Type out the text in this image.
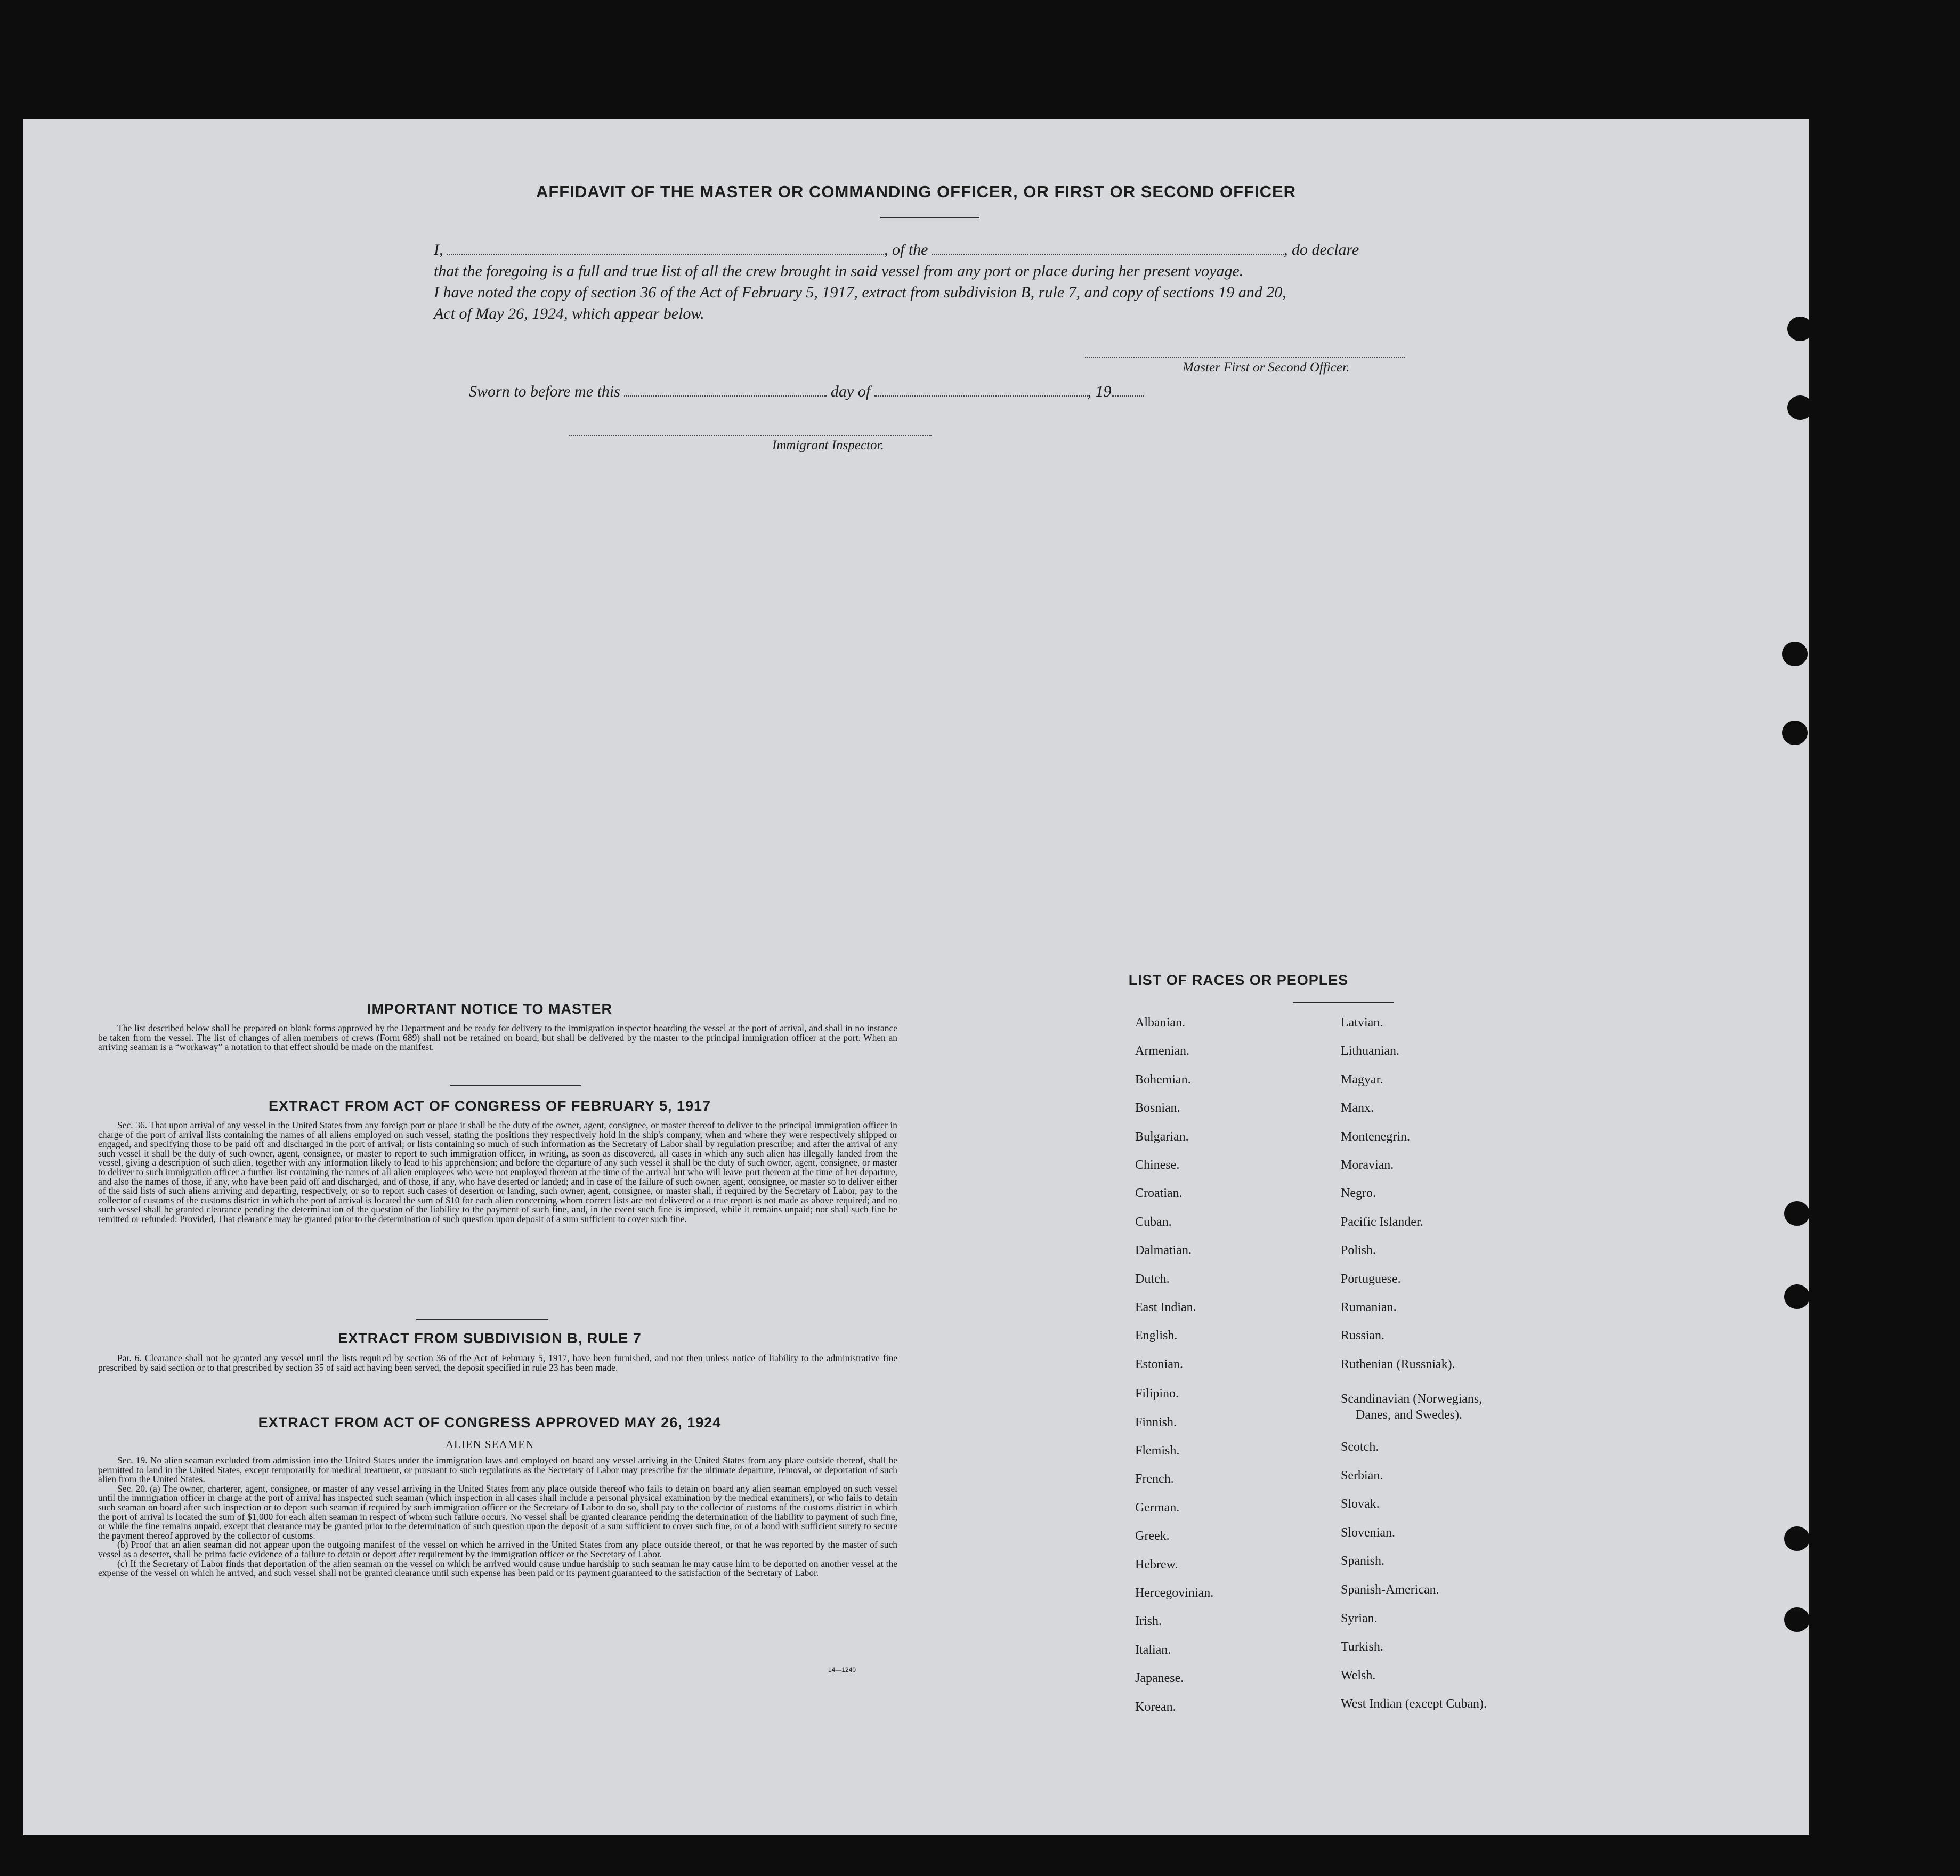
AFFIDAVIT OF THE MASTER OR COMMANDING OFFICER, OR FIRST OR SECOND OFFICER
I,	, of the	, do declare
that the foregoing is a full and true list of all the crew brought in said vessel from any port or place during her present voyage.
I have noted the copy of section 36 of the Act of February 5, 1917, extract from subdivision B, rule 7, and copy of sections 19 and 20,
Act of May 26, 1924, which appear below.
Master First or Second Officer.
Sworn to before me this	day of	, 19
Immigrant Inspector.
IMPORTANT NOTICE TO MASTER

The list described below shall be prepared on blank forms approved by the Department and be ready for delivery to the immigration inspector boarding the vessel at the port of arrival, and shall in no instance be taken from the vessel. The list of changes of alien members of crews (Form 689) shall not be retained on board, but shall be delivered by the master to the principal immigration officer at the port. When an arriving seaman is a “workaway” a notation to that effect should be made on the manifest.

EXTRACT FROM ACT OF CONGRESS OF FEBRUARY 5, 1917

Sec. 36. That upon arrival of any vessel in the United States from any foreign port or place it shall be the duty of the owner, agent, consignee, or master thereof to deliver to the principal immigration officer in charge of the port of arrival lists containing the names of all aliens employed on such vessel, stating the positions they respectively hold in the ship's company, when and where they were respectively shipped or engaged, and specifying those to be paid off and discharged in the port of arrival; or lists containing so much of such information as the Secretary of Labor shall by regulation prescribe; and after the arrival of any such vessel it shall be the duty of such owner, agent, consignee, or master to report to such immigration officer, in writing, as soon as discovered, all cases in which any such alien has illegally landed from the vessel, giving a description of such alien, together with any information likely to lead to his apprehension; and before the departure of any such vessel it shall be the duty of such owner, agent, consignee, or master to deliver to such immigration officer a further list containing the names of all alien employees who were not employed thereon at the time of the arrival but who will leave port thereon at the time of her departure, and also the names of those, if any, who have been paid off and discharged, and of those, if any, who have deserted or landed; and in case of the failure of such owner, agent, consignee, or master so to deliver either of the said lists of such aliens arriving and departing, respectively, or so to report such cases of desertion or landing, such owner, agent, consignee, or master shall, if required by the Secretary of Labor, pay to the collector of customs of the customs district in which the port of arrival is located the sum of $10 for each alien concerning whom correct lists are not delivered or a true report is not made as above required; and no such vessel shall be granted clearance pending the determination of the question of the liability to the payment of such fine, and, in the event such fine is imposed, while it remains unpaid; nor shall such fine be remitted or refunded: Provided, That clearance may be granted prior to the determination of such question upon deposit of a sum sufficient to cover such fine.

EXTRACT FROM SUBDIVISION B, RULE 7

Par. 6. Clearance shall not be granted any vessel until the lists required by section 36 of the Act of February 5, 1917, have been furnished, and not then unless notice of liability to the administrative fine prescribed by said section or to that prescribed by section 35 of said act having been served, the deposit specified in rule 23 has been made.

EXTRACT FROM ACT OF CONGRESS APPROVED MAY 26, 1924
ALIEN SEAMEN

Sec. 19. No alien seaman excluded from admission into the United States under the immigration laws and employed on board any vessel arriving in the United States from any place outside thereof, shall be permitted to land in the United States, except temporarily for medical treatment, or pursuant to such regulations as the Secretary of Labor may prescribe for the ultimate departure, removal, or deportation of such alien from the United States.

Sec. 20. (a) The owner, charterer, agent, consignee, or master of any vessel arriving in the United States from any place outside thereof who fails to detain on board any alien seaman employed on such vessel until the immigration officer in charge at the port of arrival has inspected such seaman (which inspection in all cases shall include a personal physical examination by the medical examiners), or who fails to detain such seaman on board after such inspection or to deport such seaman if required by such immigration officer or the Secretary of Labor to do so, shall pay to the collector of customs of the customs district in which the port of arrival is located the sum of $1,000 for each alien seaman in respect of whom such failure occurs. No vessel shall be granted clearance pending the determination of the liability to payment of such fine, or while the fine remains unpaid, except that clearance may be granted prior to the determination of such question upon the deposit of a sum sufficient to cover such fine, or of a bond with sufficient surety to secure the payment thereof approved by the collector of customs.

(b) Proof that an alien seaman did not appear upon the outgoing manifest of the vessel on which he arrived in the United States from any place outside thereof, or that he was reported by the master of such vessel as a deserter, shall be prima facie evidence of a failure to detain or deport after requirement by the immigration officer or the Secretary of Labor.

(c) If the Secretary of Labor finds that deportation of the alien seaman on the vessel on which he arrived would cause undue hardship to such seaman he may cause him to be deported on another vessel at the expense of the vessel on which he arrived, and such vessel shall not be granted clearance until such expense has been paid or its payment guaranteed to the satisfaction of the Secretary of Labor.

14—1240
LIST OF RACES OR PEOPLES
Albanian.
Armenian.
Bohemian.
Bosnian.
Bulgarian.
Chinese.
Croatian.
Cuban.
Dalmatian.
Dutch.
East Indian.
English.
Estonian.
Filipino.
Finnish.
Flemish.
French.
German.
Greek.
Hebrew.
Hercegovinian.
Irish.
Italian.
Japanese.
Korean.
Latvian.
Lithuanian.
Magyar.
Manx.
Montenegrin.
Moravian.
Negro.
Pacific Islander.
Polish.
Portuguese.
Rumanian.
Russian.
Ruthenian (Russniak).
Scandinavian (Norwegians,
Danes, and Swedes).
Scotch.
Serbian.
Slovak.
Slovenian.
Spanish.
Spanish-American.
Syrian.
Turkish.
Welsh.
West Indian (except Cuban).
